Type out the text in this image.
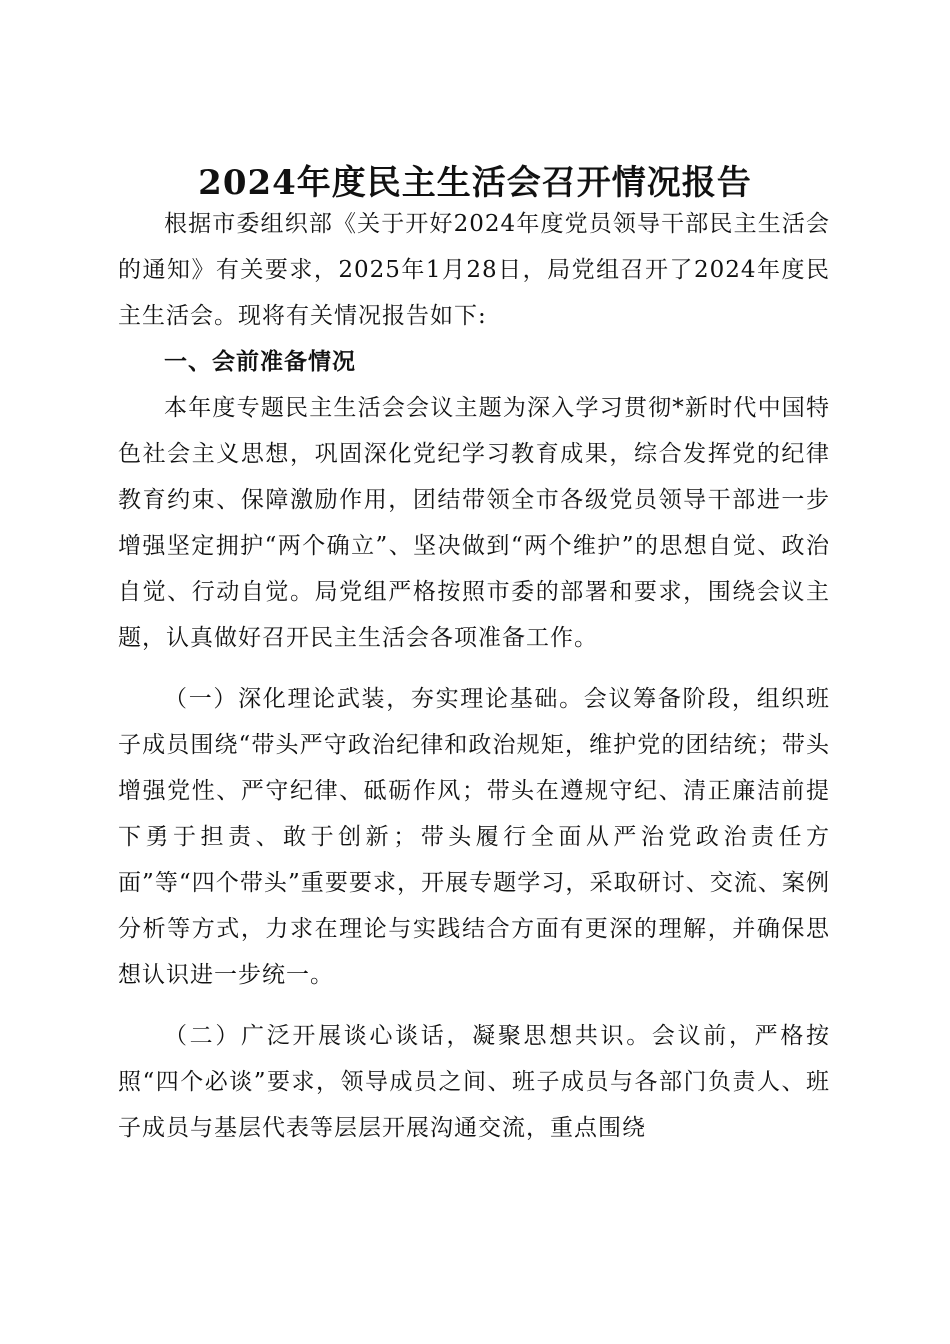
2024年度民主生活会召开情况报告

根据市委组织部《关于开好2024年度党员领导干部民主生活会的通知》有关要求，2025年1月28日，局党组召开了2024年度民主生活会。现将有关情况报告如下:

一、会前准备情况

本年度专题民主生活会会议主题为深入学习贯彻*新时代中国特色社会主义思想，巩固深化党纪学习教育成果，综合发挥党的纪律教育约束、保障激励作用，团结带领全市各级党员领导干部进一步增强坚定拥护“两个确立”、坚决做到“两个维护”的思想自觉、政治自觉、行动自觉。局党组严格按照市委的部署和要求，围绕会议主题，认真做好召开民主生活会各项准备工作。

（一）深化理论武装，夯实理论基础。会议筹备阶段，组织班子成员围绕“带头严守政治纪律和政治规矩，维护党的团结统；带头增强党性、严守纪律、砥砺作风；带头在遵规守纪、清正廉洁前提下勇于担责、敢于创新；带头履行全面从严治党政治责任方面”等“四个带头”重要要求，开展专题学习，采取研讨、交流、案例分析等方式，力求在理论与实践结合方面有更深的理解，并确保思想认识进一步统一。

（二）广泛开展谈心谈话，凝聚思想共识。会议前，严格按照“四个必谈”要求，领导成员之间、班子成员与各部门负责人、班子成员与基层代表等层层开展沟通交流，重点围绕
